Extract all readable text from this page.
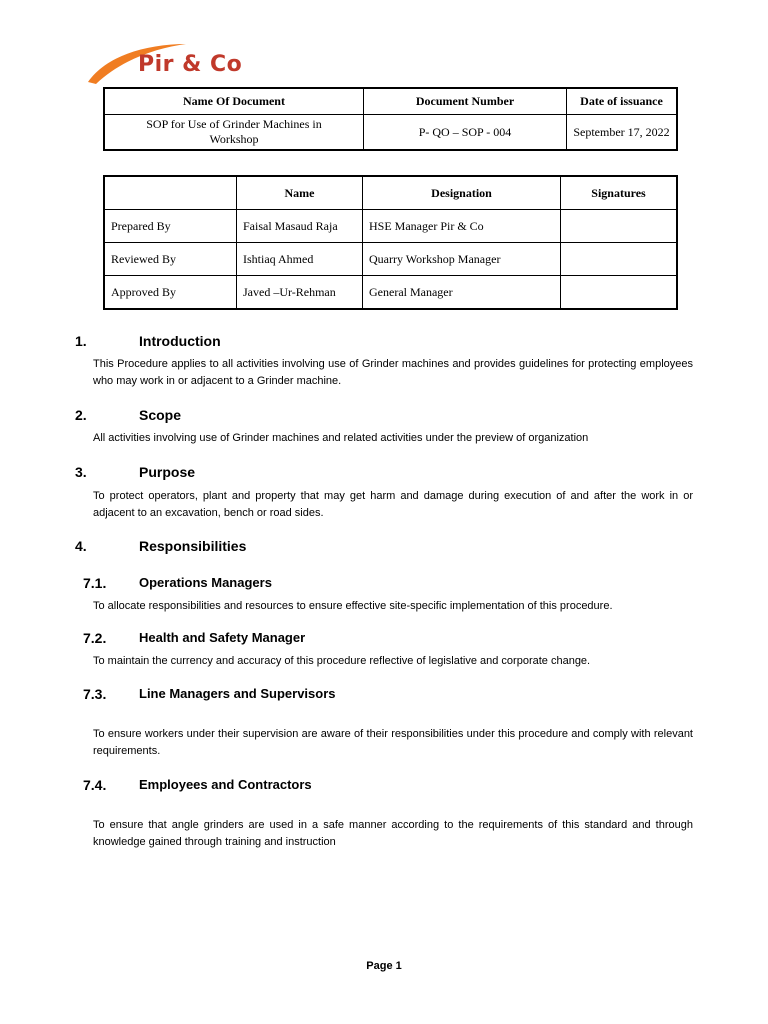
Pir & Co
Name Of Document	Document Number	Date of issuance
SOP for Use of Grinder Machines in Workshop	P- QO – SOP - 004	September 17, 2022
	Name	Designation	Signatures
Prepared By	Faisal Masaud Raja	HSE Manager Pir & Co	
Reviewed By	Ishtiaq Ahmed	Quarry Workshop Manager	
Approved By	Javed –Ur-Rehman	General Manager	
1.	Introduction
This Procedure applies to all activities involving use of Grinder machines and provides guidelines for protecting employees who may work in or adjacent to a Grinder machine.
2.	Scope
All activities involving use of Grinder machines and related activities under the preview of organization
3.	Purpose
To protect operators, plant and property that may get harm and damage during execution of and after the work in or adjacent to an excavation, bench or road sides.
4.	Responsibilities
7.1.	Operations Managers
To allocate responsibilities and resources to ensure effective site-specific implementation of this procedure.
7.2.	Health and Safety Manager
To maintain the currency and accuracy of this procedure reflective of legislative and corporate change.
7.3.	Line Managers and Supervisors
To ensure workers under their supervision are aware of their responsibilities under this procedure and comply with relevant requirements.
7.4.	Employees and Contractors
To ensure that angle grinders are used in a safe manner according to the requirements of this standard and through knowledge gained through training and instruction
Page 1
